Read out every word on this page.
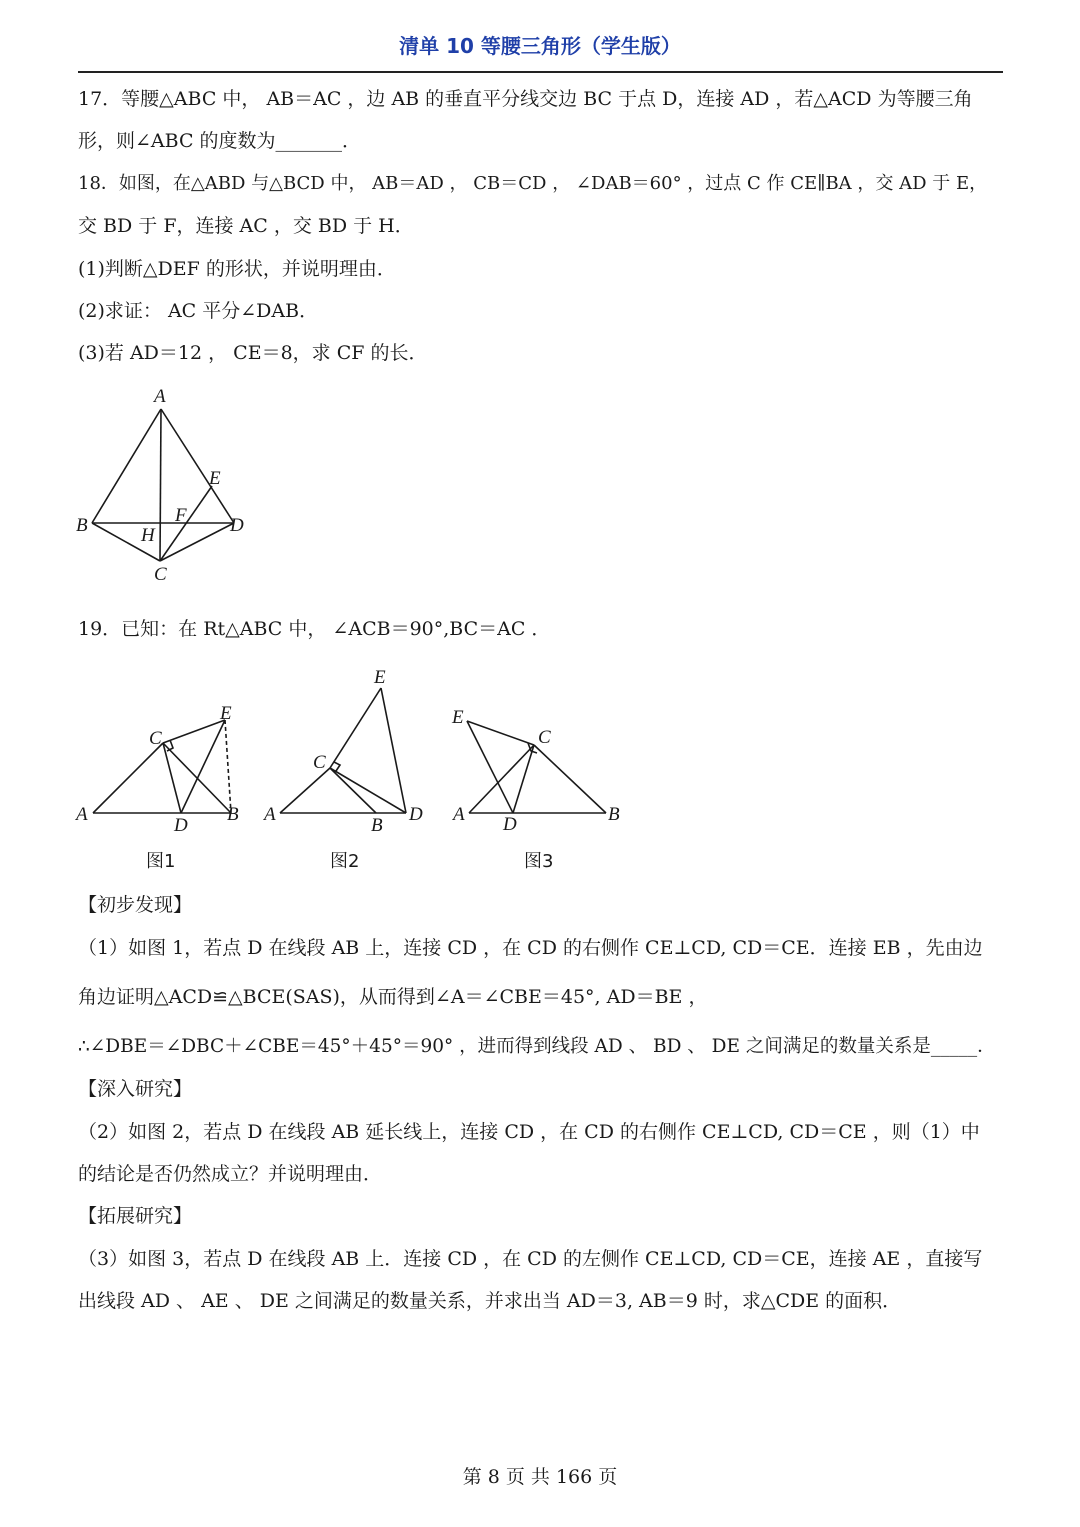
清单 10 等腰三角形（学生版）
17．等腰△ABC 中， AB＝AC ，边 AB 的垂直平分线交边 BC 于点 D，连接 AD ，若△ACD 为等腰三角
形，则∠ABC 的度数为_______．
18．如图，在△ABD 与△BCD 中， AB＝AD ， CB＝CD ， ∠DAB＝60° ，过点 C 作 CE∥BA ，交 AD 于 E，
交 BD 于 F，连接 AC ，交 BD 于 H．
(1)判断△DEF 的形状，并说明理由．
(2)求证： AC 平分∠DAB．
(3)若 AD＝12 ， CE＝8，求 CF 的长．
A
B
C
D
E
F
H
19．已知：在 Rt△ABC 中， ∠ACB＝90°,BC＝AC ．
A	B
C
D
E
图1
A
B
C
D
E
图2
A	B
C
D
E
图3
【初步发现】
（1）如图 1，若点 D 在线段 AB 上，连接 CD ，在 CD 的右侧作 CE⊥CD, CD＝CE．连接 EB ，先由边
角边证明△ACD≌△BCE(SAS)，从而得到∠A＝∠CBE＝45°, AD＝BE ，
∴∠DBE＝∠DBC＋∠CBE＝45°＋45°＝90° ，进而得到线段 AD 、 BD 、 DE 之间满足的数量关系是_____．
【深入研究】
（2）如图 2，若点 D 在线段 AB 延长线上，连接 CD ，在 CD 的右侧作 CE⊥CD, CD＝CE ，则（1）中
的结论是否仍然成立？并说明理由．
【拓展研究】
（3）如图 3，若点 D 在线段 AB 上．连接 CD ，在 CD 的左侧作 CE⊥CD, CD＝CE，连接 AE ，直接写
出线段 AD 、 AE 、 DE 之间满足的数量关系，并求出当 AD＝3, AB＝9 时，求△CDE 的面积．
第 8 页 共 166 页
